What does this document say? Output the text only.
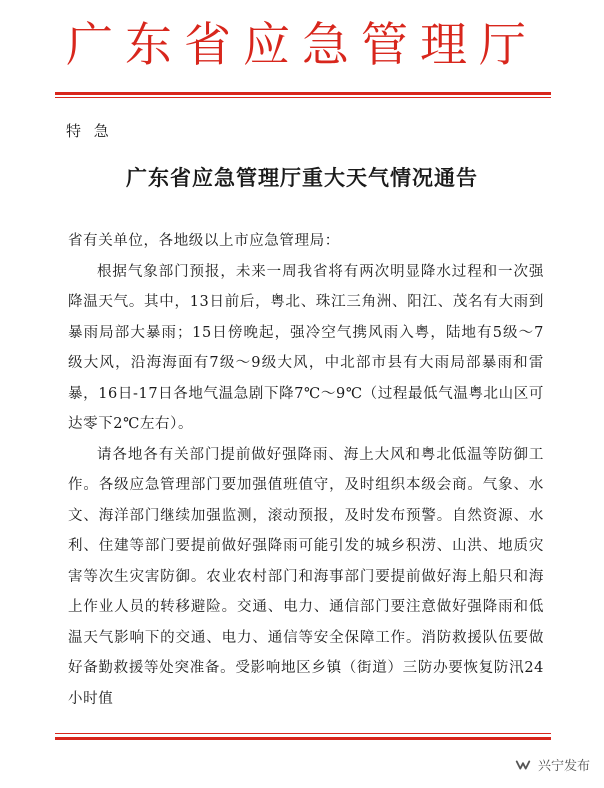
广东省应急管理厅
特 急
广东省应急管理厅重大天气情况通告

省有关单位，各地级以上市应急管理局：

根据气象部门预报，未来一周我省将有两次明显降水过程和一次强降温天气。其中，13日前后，粤北、珠江三角洲、阳江、茂名有大雨到暴雨局部大暴雨；15日傍晚起，强冷空气携风雨入粤，陆地有5级～7级大风，沿海海面有7级～9级大风，中北部市县有大雨局部暴雨和雷暴，16日-17日各地气温急剧下降7℃～9℃（过程最低气温粤北山区可达零下2℃左右）。

请各地各有关部门提前做好强降雨、海上大风和粤北低温等防御工作。各级应急管理部门要加强值班值守，及时组织本级会商。气象、水文、海洋部门继续加强监测，滚动预报，及时发布预警。自然资源、水利、住建等部门要提前做好强降雨可能引发的城乡积涝、山洪、地质灾害等次生灾害防御。农业农村部门和海事部门要提前做好海上船只和海上作业人员的转移避险。交通、电力、通信部门要注意做好强降雨和低温天气影响下的交通、电力、通信等安全保障工作。消防救援队伍要做好备勤救援等处突准备。受影响地区乡镇（街道）三防办要恢复防汛24小时值

兴宁发布
